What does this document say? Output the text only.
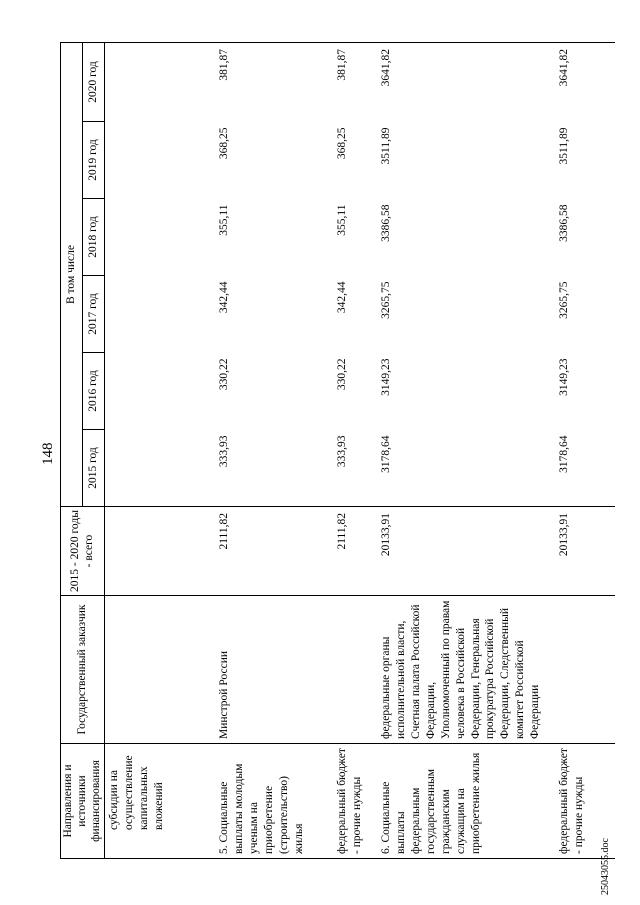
148
Направления и источники финансирования	Государственный заказчик	2015 - 2020 годы - всего	В том числе					
			2015 год	2016 год	2017 год	2018 год	2019 год	2020 год
субсидии на осуществление капитальных вложений								
5. Социальные выплаты молодым ученым на приобретение (строительство) жилья	Минстрой России	2111,82	333,93	330,22	342,44	355,11	368,25	381,87
федеральный бюджет - прочие нужды		2111,82	333,93	330,22	342,44	355,11	368,25	381,87
6. Социальные выплаты федеральным государственным гражданским служащим на приобретение жилья	федеральные органы исполнительной власти, Счетная палата Российской Федерации, Уполномоченный по правам человека в Российской Федерации, Генеральная прокуратура Российской Федерации, Следственный комитет Российской Федерации	20133,91	3178,64	3149,23	3265,75	3386,58	3511,89	3641,82
федеральный бюджет - прочие нужды		20133,91	3178,64	3149,23	3265,75	3386,58	3511,89	3641,82
25043055.doc
